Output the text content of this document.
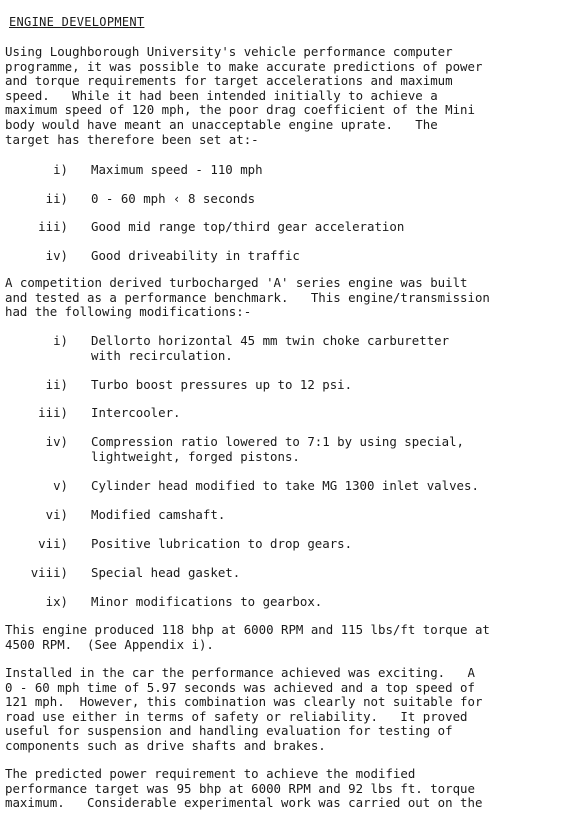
ENGINE DEVELOPMENT
Using Loughborough University's vehicle performance computer
programme, it was possible to make accurate predictions of power
and torque requirements for target accelerations and maximum
speed.   While it had been intended initially to achieve a
maximum speed of 120 mph, the poor drag coefficient of the Mini
body would have meant an unacceptable engine uprate.   The
target has therefore been set at:-
i) Maximum speed - 110 mph
ii) 0 - 60 mph ‹ 8 seconds
iii) Good mid range top/third gear acceleration
iv) Good driveability in traffic
A competition derived turbocharged 'A' series engine was built
and tested as a performance benchmark.   This engine/transmission
had the following modifications:-
i) Dellorto horizontal 45 mm twin choke carburetter
with recirculation.
ii) Turbo boost pressures up to 12 psi.
iii) Intercooler.
iv) Compression ratio lowered to 7:1 by using special,
lightweight, forged pistons.
v) Cylinder head modified to take MG 1300 inlet valves.
vi) Modified camshaft.
vii) Positive lubrication to drop gears.
viii) Special head gasket.
ix) Minor modifications to gearbox.
This engine produced 118 bhp at 6000 RPM and 115 lbs/ft torque at
4500 RPM.  (See Appendix i).
Installed in the car the performance achieved was exciting.   A
0 - 60 mph time of 5.97 seconds was achieved and a top speed of
121 mph.  However, this combination was clearly not suitable for
road use either in terms of safety or reliability.   It proved
useful for suspension and handling evaluation for testing of
components such as drive shafts and brakes.
The predicted power requirement to achieve the modified
performance target was 95 bhp at 6000 RPM and 92 lbs ft. torque
maximum.   Considerable experimental work was carried out on the
